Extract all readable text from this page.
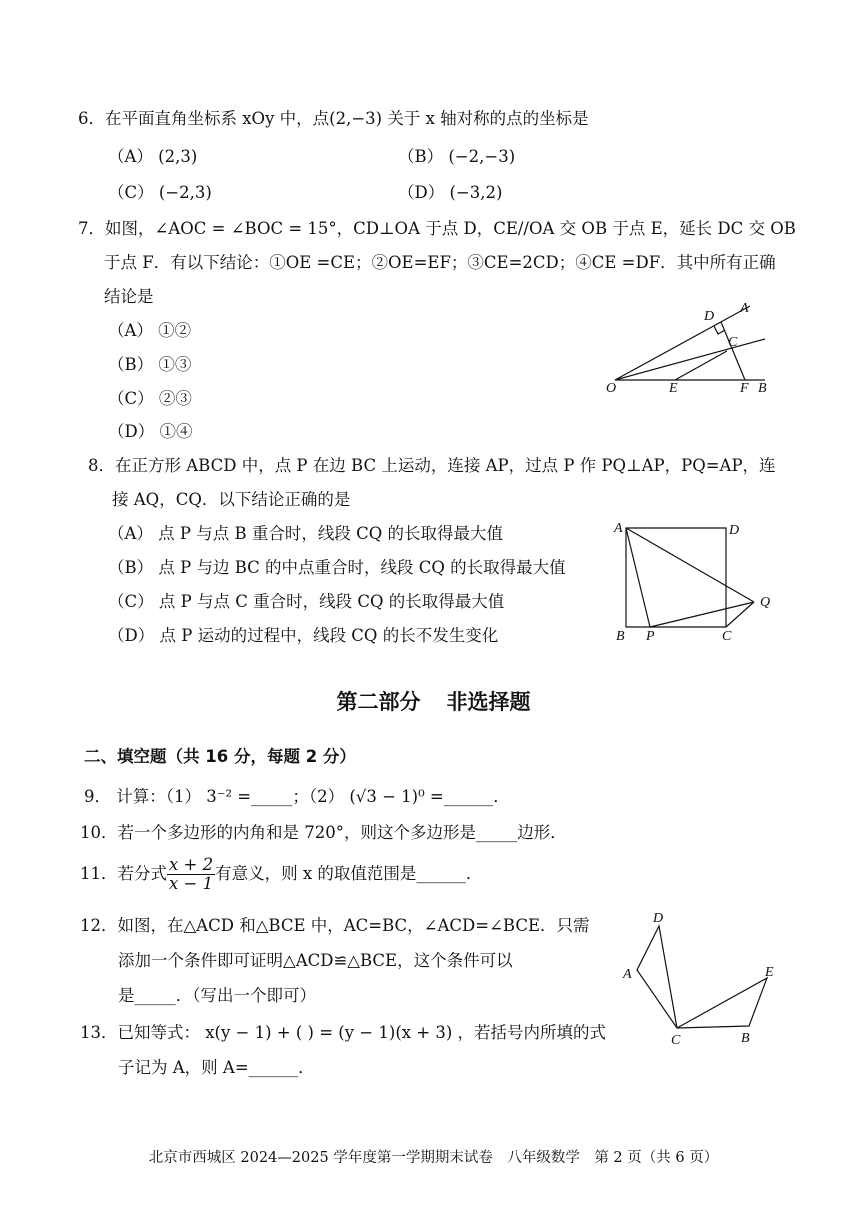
6．在平面直角坐标系 xOy 中，点(2,−3) 关于 x 轴对称的点的坐标是
（A） (2,3)	（B） (−2,−3)
（C） (−2,3)	（D） (−3,2)
7．如图，∠AOC = ∠BOC = 15°，CD⊥OA 于点 D，CE//OA 交 OB 于点 E，延长 DC 交 OB
于点 F．有以下结论：①OE =CE；②OE=EF；③CE=2CD；④CE =DF．其中所有正确
结论是
（A） ①②
（B） ①③
（C） ②③
（D） ①④
D
A
C
O	E	F B
8．在正方形 ABCD 中，点 P 在边 BC 上运动，连接 AP，过点 P 作 PQ⊥AP，PQ=AP，连
接 AQ，CQ．以下结论正确的是
（A） 点 P 与点 B 重合时，线段 CQ 的长取得最大值
（B） 点 P 与边 BC 的中点重合时，线段 CQ 的长取得最大值
（C） 点 P 与点 C 重合时，线段 CQ 的长取得最大值
（D） 点 P 运动的过程中，线段 CQ 的长不发生变化
A	D
Q
B P	C
第二部分 非选择题
二、填空题（共 16 分，每题 2 分）
9． 计算：（1） 3⁻² =_____；（2） (√3 − 1)⁰ =______．
10．若一个多边形的内角和是 720°，则这个多边形是_____边形．
11．若分式 $\frac{x + 2}{x - 1}$ 有意义，则 x 的取值范围是______．
12．如图，在△ACD 和△BCE 中，AC=BC，∠ACD=∠BCE．只需
添加一个条件即可证明△ACD≌△BCE，这个条件可以
是_____．（写出一个即可）
D
A	E
C	B
13．已知等式： x(y − 1) + ( ) = (y − 1)(x + 3) ，若括号内所填的式
子记为 A，则 A=______．
北京市西城区 2024—2025 学年度第一学期期末试卷　八年级数学　第 2 页（共 6 页）
